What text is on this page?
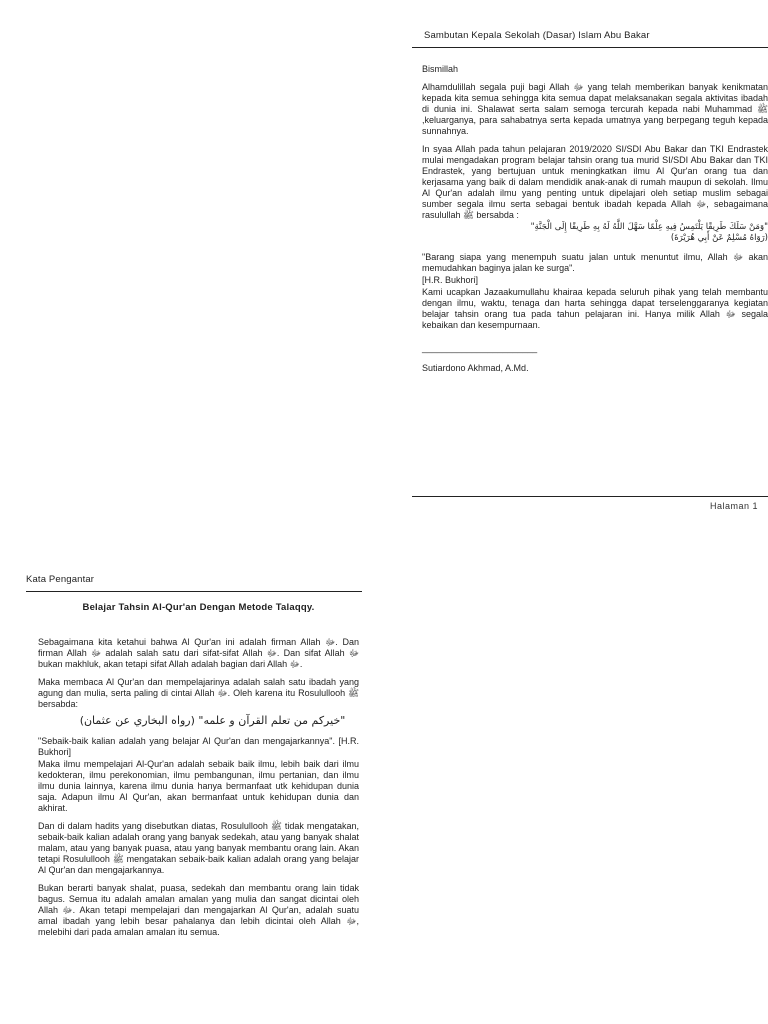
Sambutan Kepala Sekolah (Dasar) Islam Abu Bakar

Bismillah

Alhamdulillah segala puji bagi Allah ﷻ yang telah memberikan banyak kenikmatan kepada kita semua sehingga kita semua dapat melaksanakan segala aktivitas ibadah di dunia ini. Shalawat serta salam semoga tercurah kepada nabi Muhammad ﷺ ,keluarganya, para sahabatnya serta kepada umatnya yang berpegang teguh kepada sunnahnya.

In syaa Allah pada tahun pelajaran 2019/2020 SI/SDI Abu Bakar dan TKI Endrastek mulai mengadakan program belajar tahsin orang tua murid SI/SDI Abu Bakar dan TKI Endrastek, yang bertujuan untuk meningkatkan ilmu Al Qur'an orang tua dan kerjasama yang baik di dalam mendidik anak-anak di rumah maupun di sekolah. Ilmu Al Qur'an adalah ilmu yang penting untuk dipelajari oleh setiap muslim sebagai sumber segala ilmu serta sebagai bentuk ibadah kepada Allah ﷻ, sebagaimana rasulullah ﷺ bersabda :

"وَمَنْ سَلَكَ طَرِيقًا يَلْتَمِسُ فِيهِ عِلْمًا سَهَّلَ اللَّهُ لَهُ بِهِ طَرِيقًا إِلَى الْجَنَّةِ"
(رَوَاهُ مُسْلِمٌ عَنْ أَبِي هُرَيْرَةَ)

"Barang siapa yang menempuh suatu jalan untuk menuntut ilmu, Allah ﷻ akan memudahkan baginya jalan ke surga".

[H.R. Bukhori]

Kami ucapkan Jazaakumullahu khairaa kepada seluruh pihak yang telah membantu dengan ilmu, waktu, tenaga dan harta sehingga dapat terselenggaranya kegiatan belajar tahsin orang tua pada tahun pelajaran ini. Hanya milik Allah ﷻ segala kebaikan dan kesempurnaan.

_______________________
Sutiardono Akhmad, A.Md.
Halaman 1
Kata Pengantar
Belajar Tahsin Al-Qur'an Dengan Metode Talaqqy.

Sebagaimana kita ketahui bahwa Al Qur'an ini adalah firman Allah ﷻ. Dan firman Allah ﷻ adalah salah satu dari sifat-sifat Allah ﷻ. Dan sifat Allah ﷻ bukan makhluk, akan tetapi sifat Allah adalah bagian dari Allah ﷻ.

Maka membaca Al Qur'an dan mempelajarinya adalah salah satu ibadah yang agung dan mulia, serta paling di cintai Allah ﷻ. Oleh karena itu Rosulullooh ﷺ bersabda:

"خيركم من تعلم القرآن و علمه" (رواه البخاري عن عثمان)

"Sebaik-baik kalian adalah yang belajar Al Qur'an dan mengajarkannya". [H.R. Bukhori]

Maka ilmu mempelajari Al-Qur'an adalah sebaik baik ilmu, lebih baik dari ilmu kedokteran, ilmu perekonomian, ilmu pembangunan, ilmu pertanian, dan ilmu ilmu dunia lainnya, karena ilmu dunia hanya bermanfaat utk kehidupan dunia saja. Adapun ilmu Al Qur'an, akan bermanfaat untuk kehidupan dunia dan akhirat.

Dan di dalam hadits yang disebutkan diatas, Rosulullooh ﷺ tidak mengatakan, sebaik-baik kalian adalah orang yang banyak sedekah, atau yang banyak shalat malam, atau yang banyak puasa, atau yang banyak membantu orang lain. Akan tetapi Rosulullooh ﷺ mengatakan sebaik-baik kalian adalah orang yang belajar Al Qur'an dan mengajarkannya.

Bukan berarti banyak shalat, puasa, sedekah dan membantu orang lain tidak bagus. Semua itu adalah amalan amalan yang mulia dan sangat dicintai oleh Allah ﷻ. Akan tetapi mempelajari dan mengajarkan Al Qur'an, adalah suatu amal ibadah yang lebih besar pahalanya dan lebih dicintai oleh Allah ﷻ, melebihi dari pada amalan amalan itu semua.
